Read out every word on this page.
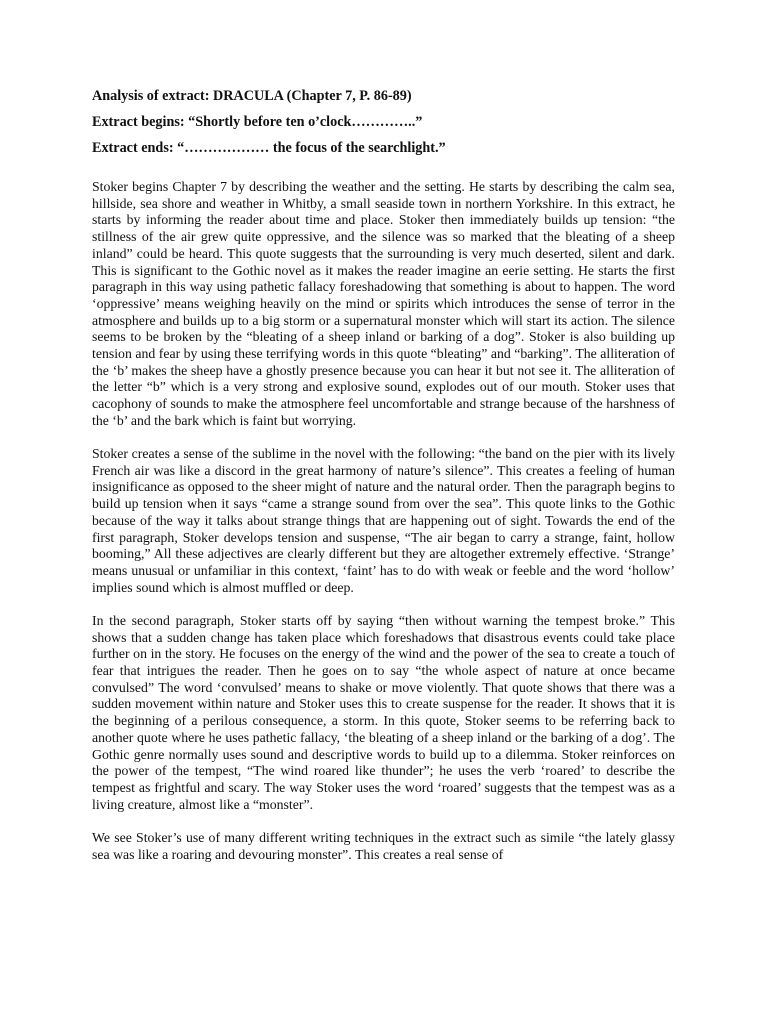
Analysis of extract: DRACULA (Chapter 7, P. 86-89)
Extract begins: “Shortly before ten o’clock…………..”
Extract ends: “……………… the focus of the searchlight.”

Stoker begins Chapter 7 by describing the weather and the setting. He starts by describing the calm sea, hillside, sea shore and weather in Whitby, a small seaside town in northern Yorkshire. In this extract, he starts by informing the reader about time and place. Stoker then immediately builds up tension: “the stillness of the air grew quite oppressive, and the silence was so marked that the bleating of a sheep inland” could be heard. This quote suggests that the surrounding is very much deserted, silent and dark. This is significant to the Gothic novel as it makes the reader imagine an eerie setting. He starts the first paragraph in this way using pathetic fallacy foreshadowing that something is about to happen. The word ‘oppressive’ means weighing heavily on the mind or spirits which introduces the sense of terror in the atmosphere and builds up to a big storm or a supernatural monster which will start its action. The silence seems to be broken by the “bleating of a sheep inland or barking of a dog”. Stoker is also building up tension and fear by using these terrifying words in this quote “bleating” and “barking”. The alliteration of the ‘b’ makes the sheep have a ghostly presence because you can hear it but not see it. The alliteration of the letter “b” which is a very strong and explosive sound, explodes out of our mouth. Stoker uses that cacophony of sounds to make the atmosphere feel uncomfortable and strange because of the harshness of the ‘b’ and the bark which is faint but worrying.

Stoker creates a sense of the sublime in the novel with the following: “the band on the pier with its lively French air was like a discord in the great harmony of nature’s silence”. This creates a feeling of human insignificance as opposed to the sheer might of nature and the natural order. Then the paragraph begins to build up tension when it says “came a strange sound from over the sea”. This quote links to the Gothic because of the way it talks about strange things that are happening out of sight. Towards the end of the first paragraph, Stoker develops tension and suspense, “The air began to carry a strange, faint, hollow booming,” All these adjectives are clearly different but they are altogether extremely effective. ‘Strange’ means unusual or unfamiliar in this context, ‘faint’ has to do with weak or feeble and the word ‘hollow’ implies sound which is almost muffled or deep.

In the second paragraph, Stoker starts off by saying “then without warning the tempest broke.” This shows that a sudden change has taken place which foreshadows that disastrous events could take place further on in the story. He focuses on the energy of the wind and the power of the sea to create a touch of fear that intrigues the reader. Then he goes on to say “the whole aspect of nature at once became convulsed” The word ‘convulsed’ means to shake or move violently. That quote shows that there was a sudden movement within nature and Stoker uses this to create suspense for the reader. It shows that it is the beginning of a perilous consequence, a storm. In this quote, Stoker seems to be referring back to another quote where he uses pathetic fallacy, ‘the bleating of a sheep inland or the barking of a dog’. The Gothic genre normally uses sound and descriptive words to build up to a dilemma. Stoker reinforces on the power of the tempest, “The wind roared like thunder”; he uses the verb ‘roared’ to describe the tempest as frightful and scary. The way Stoker uses the word ‘roared’ suggests that the tempest was as a living creature, almost like a “monster”.

We see Stoker’s use of many different writing techniques in the extract such as simile “the lately glassy sea was like a roaring and devouring monster”. This creates a real sense of
